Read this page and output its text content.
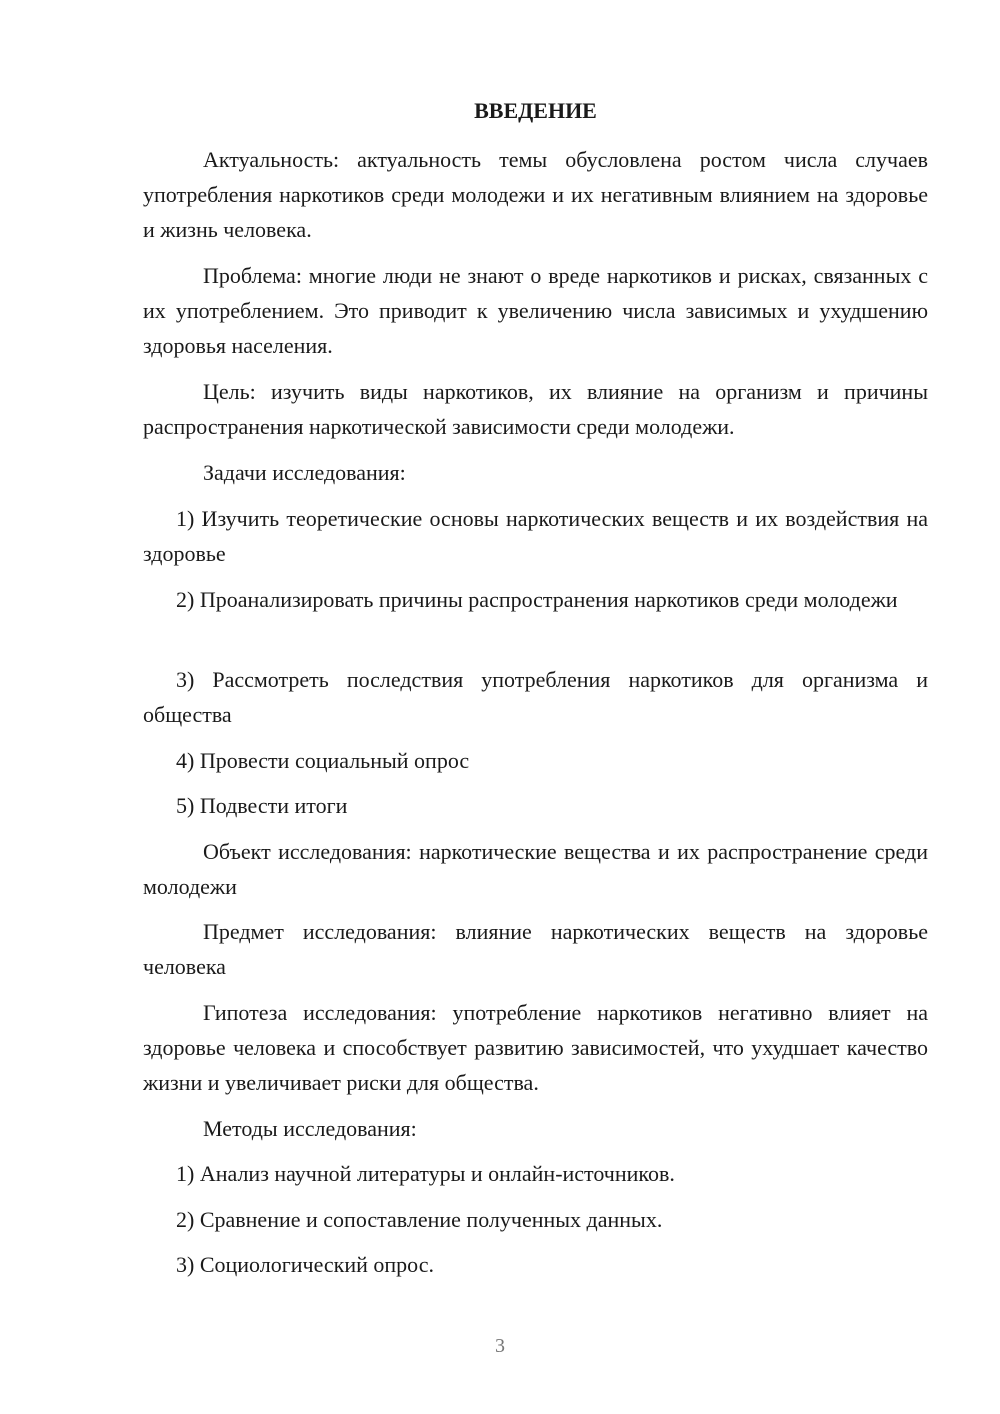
ВВЕДЕНИЕ

Актуальность: актуальность темы обусловлена ростом числа случаев употребления наркотиков среди молодежи и их негативным влиянием на здоровье и жизнь человека.

Проблема: многие люди не знают о вреде наркотиков и рисках, связанных с их употреблением. Это приводит к увеличению числа зависимых и ухудшению здоровья населения.

Цель: изучить виды наркотиков, их влияние на организм и причины распространения наркотической зависимости среди молодежи.

Задачи исследования:

1) Изучить теоретические основы наркотических веществ и их воздействия на здоровье

2) Проанализировать причины распространения наркотиков среди молодежи

3) Рассмотреть последствия употребления наркотиков для организма и общества

4) Провести социальный опрос

5) Подвести итоги

Объект исследования: наркотические вещества и их распространение среди молодежи

Предмет исследования: влияние наркотических веществ на здоровье человека

Гипотеза исследования: употребление наркотиков негативно влияет на здоровье человека и способствует развитию зависимостей, что ухудшает качество жизни и увеличивает риски для общества.

Методы исследования:

1) Анализ научной литературы и онлайн-источников.

2) Сравнение и сопоставление полученных данных.

3) Социологический опрос.

3
